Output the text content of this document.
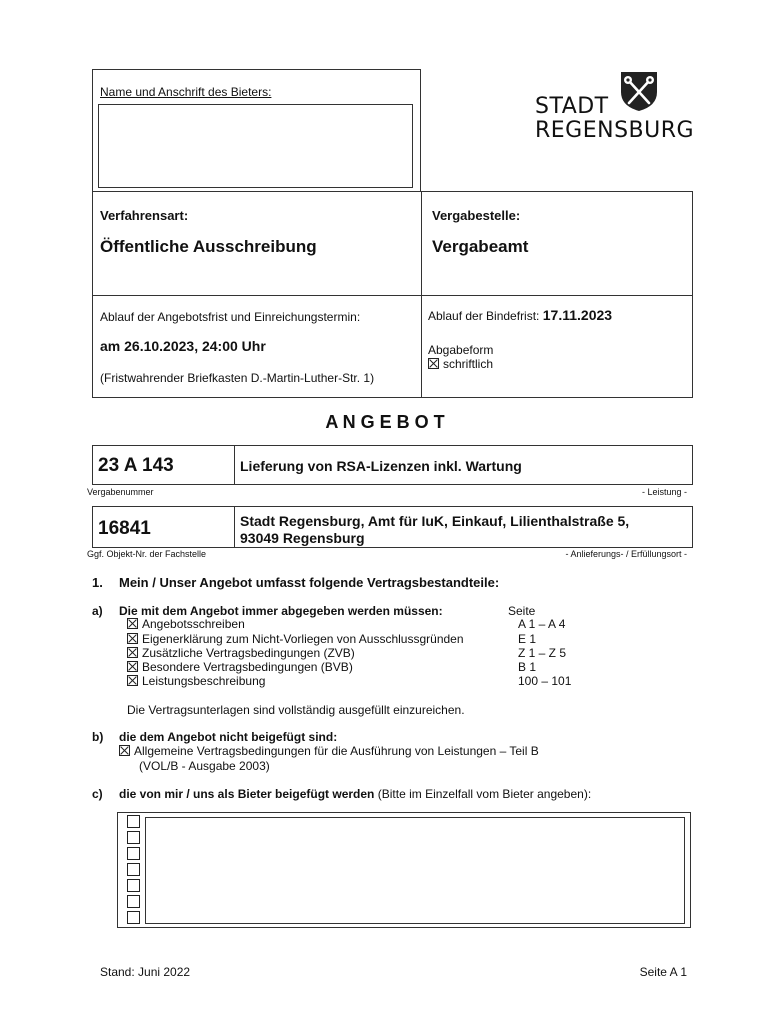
Name und Anschrift des Bieters:
STADT
REGENSBURG
Verfahrensart:
Öffentliche Ausschreibung
Vergabestelle:
Vergabeamt
Ablauf der Angebotsfrist und Einreichungstermin:
am 26.10.2023, 24:00 Uhr
(Fristwahrender Briefkasten D.-Martin-Luther-Str. 1)
Ablauf der Bindefrist: 17.11.2023
Abgabeform
schriftlich
A N G E B O T
23 A 143	Lieferung von RSA-Lizenzen inkl. Wartung
Vergabenummer	- Leistung -
16841	Stadt Regensburg, Amt für IuK, Einkauf, Lilienthalstraße 5,
93049 Regensburg
Ggf. Objekt-Nr. der Fachstelle	- Anlieferungs- / Erfüllungsort -
1. Mein / Unser Angebot umfasst folgende Vertragsbestandteile:
a) Die mit dem Angebot immer abgegeben werden müssen:	Seite
Angebotsschreiben	A 1 – A 4
Eigenerklärung zum Nicht-Vorliegen von Ausschlussgründen	E 1
Zusätzliche Vertragsbedingungen (ZVB)	Z 1 – Z 5
Besondere Vertragsbedingungen (BVB)	B 1
Leistungsbeschreibung	100 – 101
Die Vertragsunterlagen sind vollständig ausgefüllt einzureichen.
b) die dem Angebot nicht beigefügt sind:
Allgemeine Vertragsbedingungen für die Ausführung von Leistungen – Teil B
(VOL/B - Ausgabe 2003)
c) die von mir / uns als Bieter beigefügt werden (Bitte im Einzelfall vom Bieter angeben):
Stand: Juni 2022	Seite A 1
